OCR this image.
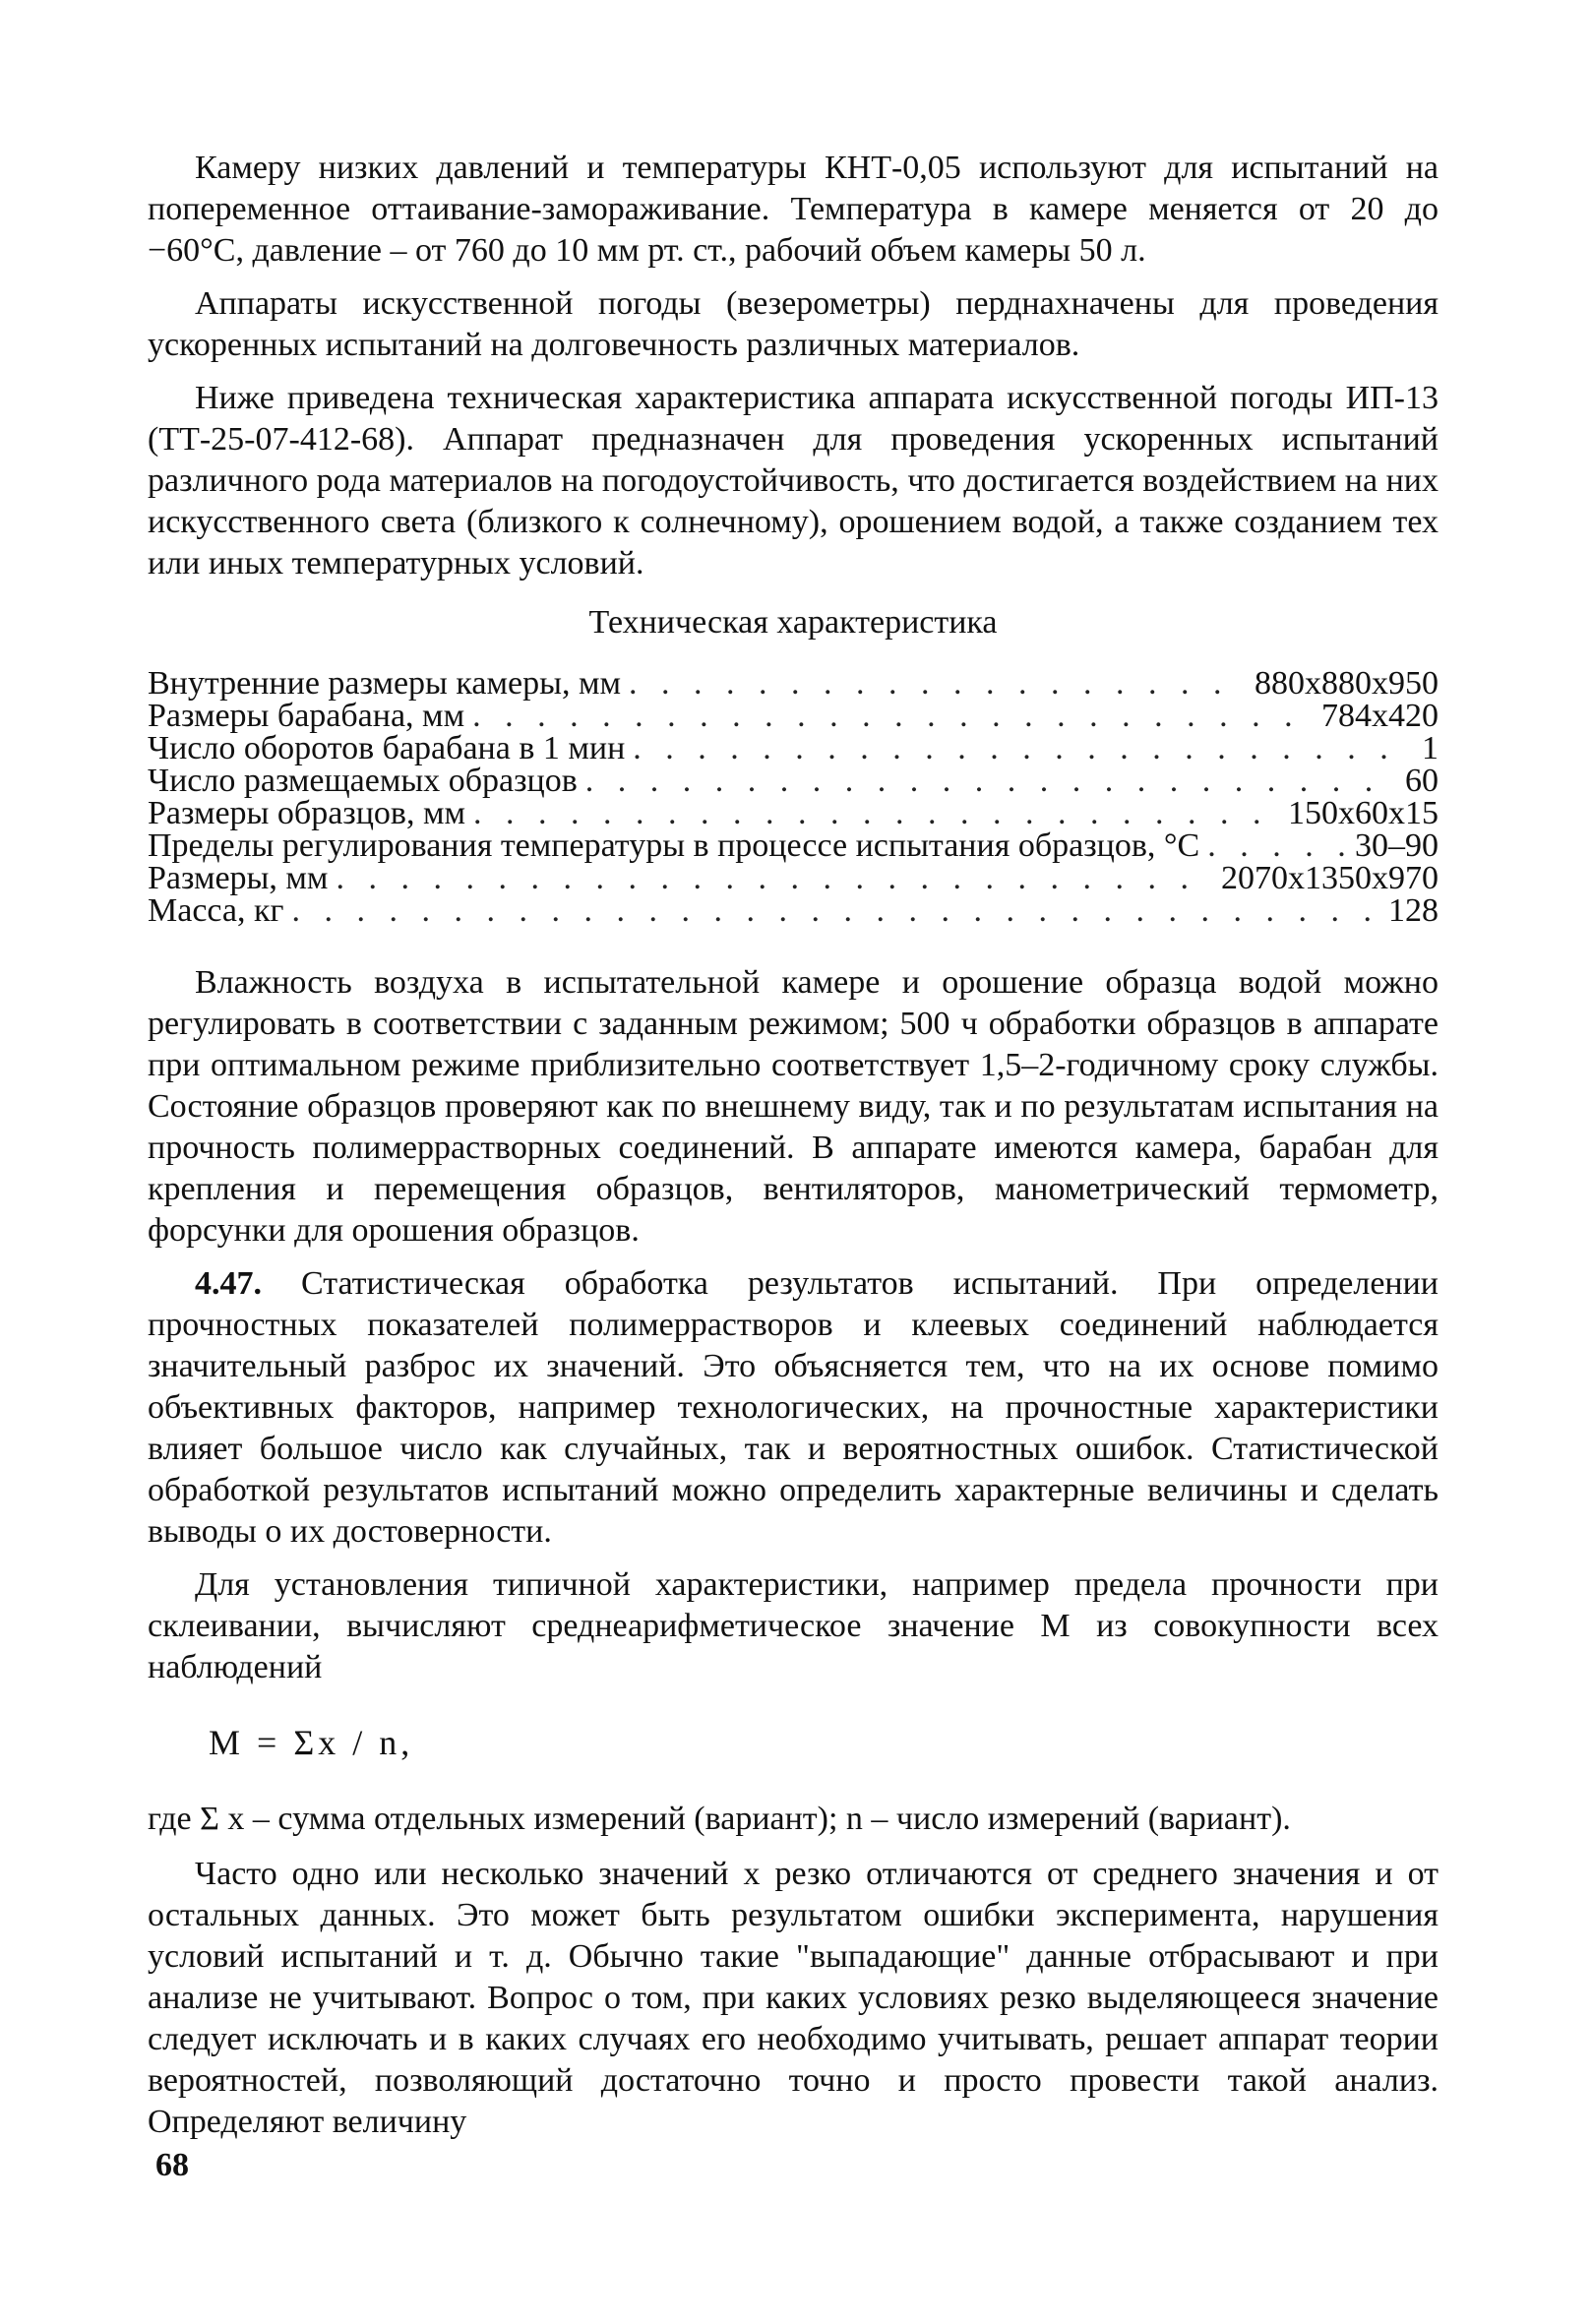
Камеру низких давлений и температуры КНТ-0,05 используют для испытаний на попеременное оттаивание-замораживание. Температура в камере меняется от 20 до −60°С, давление – от 760 до 10 мм рт. ст., рабочий объем камеры 50 л.

Аппараты искусственной погоды (везерометры) перднахначены для проведения ускоренных испытаний на долговечность различных материалов.

Ниже приведена техническая характеристика аппарата искусственной погоды ИП-13 (ТТ-25-07-412-68). Аппарат предназначен для проведения ускоренных испытаний различного рода материалов на погодоустойчивость, что достигается воздействием на них искусственного света (близкого к солнечному), орошением водой, а также созданием тех или иных температурных условий.

Техническая характеристика
Внутренние размеры камеры, мм . . .	880x880x950
Размеры барабана, мм . . .	784x420
Число оборотов барабана в 1 мин . . .	1
Число размещаемых образцов . . .	60
Размеры образцов, мм . . .	150x60x15
Пределы регулирования температуры в процессе испытания образцов, °С . . .	30–90
Размеры, мм . . .	2070x1350x970
Масса, кг . . .	128

Влажность воздуха в испытательной камере и орошение образца водой можно регулировать в соответствии с заданным режимом; 500 ч обработки образцов в аппарате при оптимальном режиме приблизительно соответствует 1,5–2-годичному сроку службы. Состояние образцов проверяют как по внешнему виду, так и по результатам испытания на прочность полимеррастворных соединений. В аппарате имеются камера, барабан для крепления и перемещения образцов, вентиляторов, манометрический термометр, форсунки для орошения образцов.

4.47. Статистическая обработка результатов испытаний. При определении прочностных показателей полимеррастворов и клеевых соединений наблюдается значительный разброс их значений. Это объясняется тем, что на их основе помимо объективных факторов, например технологических, на прочностные характеристики влияет большое число как случайных, так и вероятностных ошибок. Статистической обработкой результатов испытаний можно определить характерные величины и сделать выводы о их достоверности.

Для установления типичной характеристики, например предела прочности при склеивании, вычисляют среднеарифметическое значение М из совокупности всех наблюдений

М = Σx / n,

где Σ х – сумма отдельных измерений (вариант); n – число измерений (вариант).

Часто одно или несколько значений х резко отличаются от среднего значения и от остальных данных. Это может быть результатом ошибки эксперимента, нарушения условий испытаний и т. д. Обычно такие "выпадающие" данные отбрасывают и при анализе не учитывают. Вопрос о том, при каких условиях резко выделяющееся значение следует исключать и в каких случаях его необходимо учитывать, решает аппарат теории вероятностей, позволяющий достаточно точно и просто провести такой анализ. Определяют величину

68
